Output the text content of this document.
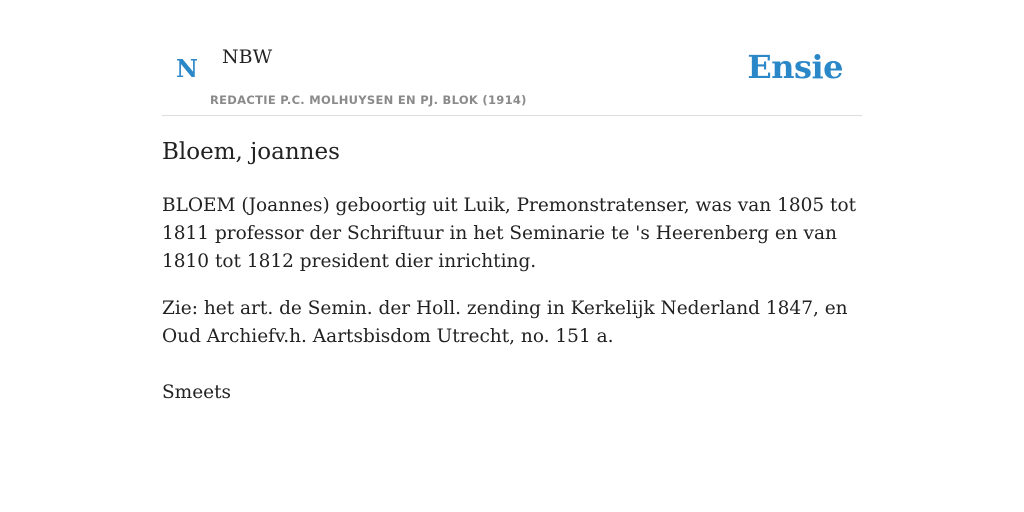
N NBW
REDACTIE P.C. MOLHUYSEN EN PJ. BLOK (1914)
Ensie
Bloem, joannes

BLOEM (Joannes) geboortig uit Luik, Premonstratenser, was van 1805 tot 1811 professor der Schriftuur in het Seminarie te 's Heerenberg en van 1810 tot 1812 president dier inrichting.

Zie: het art. de Semin. der Holl. zending in Kerkelijk Nederland 1847, en Oud Archiefv.h. Aartsbisdom Utrecht, no. 151 a.

Smeets
